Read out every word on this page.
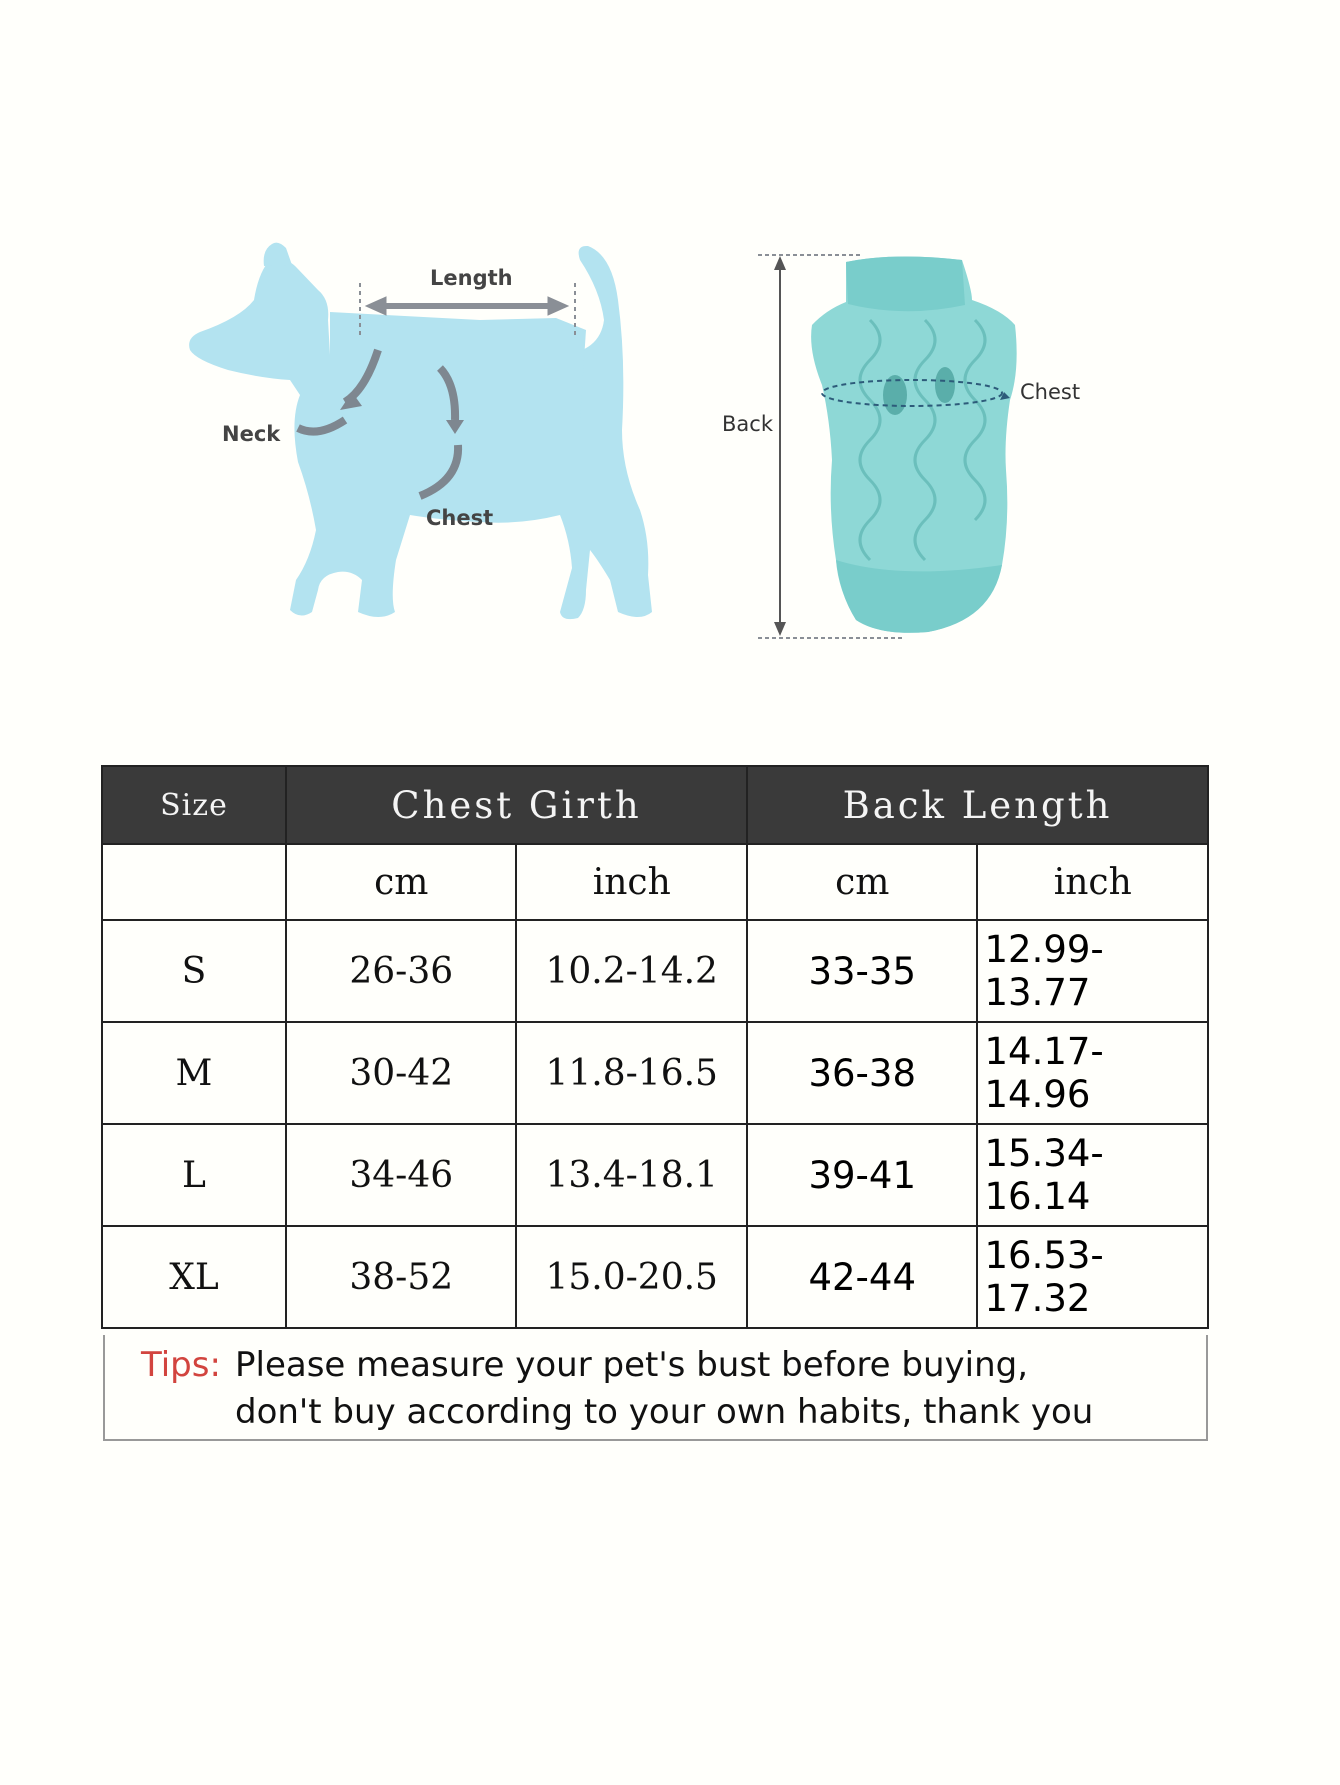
Length
Neck
Chest
Back
Chest
Size	Chest Girth		Back Length	
	cm	inch	cm	inch
S	26-36	10.2-14.2	33-35	12.99-13.77
M	30-42	11.8-16.5	36-38	14.17-14.96
L	34-46	13.4-18.1	39-41	15.34-16.14
XL	38-52	15.0-20.5	42-44	16.53-17.32
Tips: Please measure your pet's bust before buying,
don't buy according to your own habits, thank you
